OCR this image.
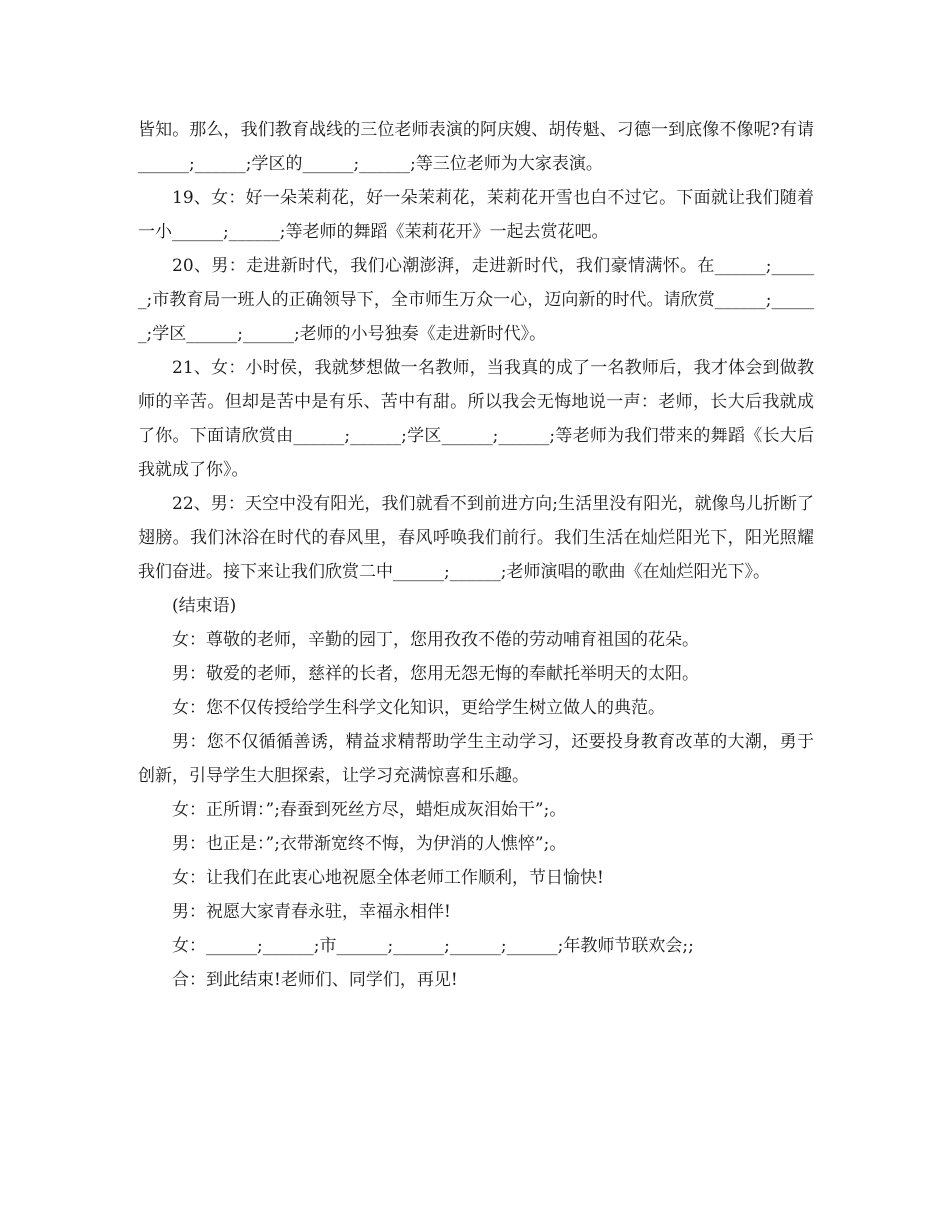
皆知。那么，我们教育战线的三位老师表演的阿庆嫂、胡传魁、刁德一到底像不像呢?有请______;______;学区的______;______;等三位老师为大家表演。

19、女：好一朵茉莉花，好一朵茉莉花，茉莉花开雪也白不过它。下面就让我们随着一小______;______;等老师的舞蹈《茉莉花开》一起去赏花吧。

20、男：走进新时代，我们心潮澎湃，走进新时代，我们豪情满怀。在______;______;市教育局一班人的正确领导下，全市师生万众一心，迈向新的时代。请欣赏______;______;学区______;______;老师的小号独奏《走进新时代》。

21、女：小时侯，我就梦想做一名教师，当我真的成了一名教师后，我才体会到做教师的辛苦。但却是苦中是有乐、苦中有甜。所以我会无悔地说一声：老师，长大后我就成了你。下面请欣赏由______;______;学区______;______;等老师为我们带来的舞蹈《长大后我就成了你》。

22、男：天空中没有阳光，我们就看不到前进方向;生活里没有阳光，就像鸟儿折断了翅膀。我们沐浴在时代的春风里，春风呼唤我们前行。我们生活在灿烂阳光下，阳光照耀我们奋进。接下来让我们欣赏二中______;______;老师演唱的歌曲《在灿烂阳光下》。

(结束语)

女：尊敬的老师，辛勤的园丁，您用孜孜不倦的劳动哺育祖国的花朵。

男：敬爱的老师，慈祥的长者，您用无怨无悔的奉献托举明天的太阳。

女：您不仅传授给学生科学文化知识，更给学生树立做人的典范。

男：您不仅循循善诱，精益求精帮助学生主动学习，还要投身教育改革的大潮，勇于创新，引导学生大胆探索，让学习充满惊喜和乐趣。

女：正所谓：”;春蚕到死丝方尽，蜡炬成灰泪始干”;。

男：也正是：”;衣带渐宽终不悔，为伊消的人憔悴”;。

女：让我们在此衷心地祝愿全体老师工作顺利，节日愉快!

男：祝愿大家青春永驻，幸福永相伴!

女：______;______;市______;______;______;______;年教师节联欢会;;

合：到此结束!老师们、同学们，再见!
